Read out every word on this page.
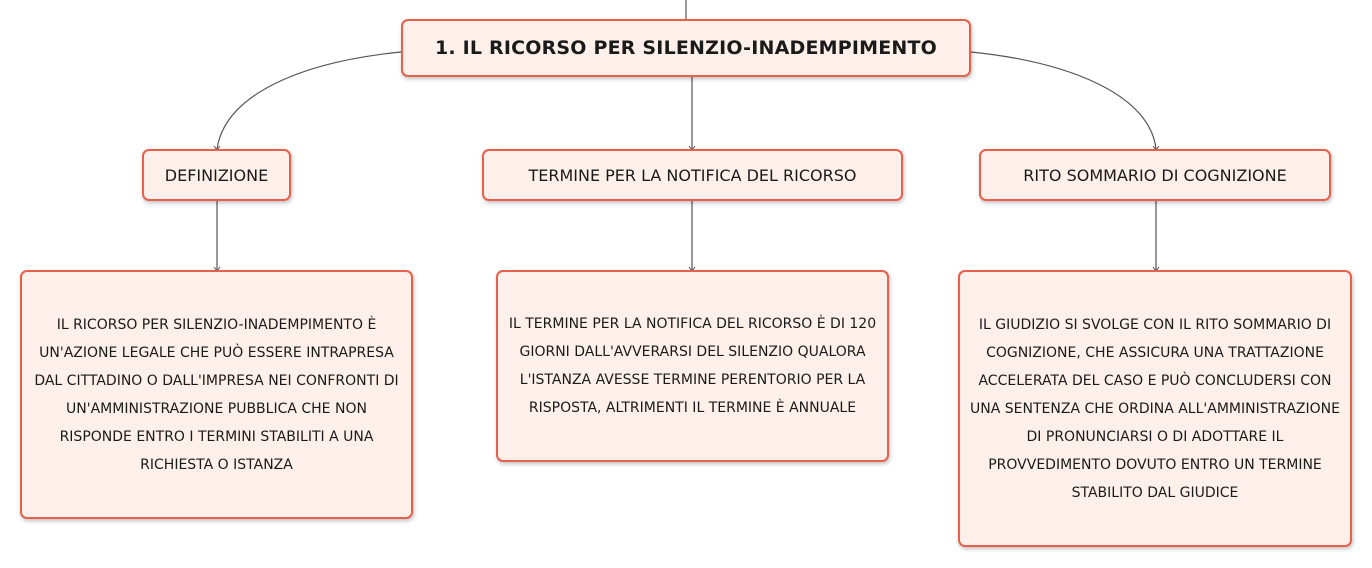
1. IL RICORSO PER SILENZIO-INADEMPIMENTO
DEFINIZIONE	TERMINE PER LA NOTIFICA DEL RICORSO	RITO SOMMARIO DI COGNIZIONE
IL RICORSO PER SILENZIO-INADEMPIMENTO È UN'AZIONE LEGALE CHE PUÒ ESSERE INTRAPRESA DAL CITTADINO O DALL'IMPRESA NEI CONFRONTI DI UN'AMMINISTRAZIONE PUBBLICA CHE NON RISPONDE ENTRO I TERMINI STABILITI A UNA RICHIESTA O ISTANZA
IL TERMINE PER LA NOTIFICA DEL RICORSO È DI 120 GIORNI DALL'AVVERARSI DEL SILENZIO QUALORA L'ISTANZA AVESSE TERMINE PERENTORIO PER LA RISPOSTA, ALTRIMENTI IL TERMINE È ANNUALE
IL GIUDIZIO SI SVOLGE CON IL RITO SOMMARIO DI COGNIZIONE, CHE ASSICURA UNA TRATTAZIONE ACCELERATA DEL CASO E PUÒ CONCLUDERSI CON UNA SENTENZA CHE ORDINA ALL'AMMINISTRAZIONE DI PRONUNCIARSI O DI ADOTTARE IL PROVVEDIMENTO DOVUTO ENTRO UN TERMINE STABILITO DAL GIUDICE
